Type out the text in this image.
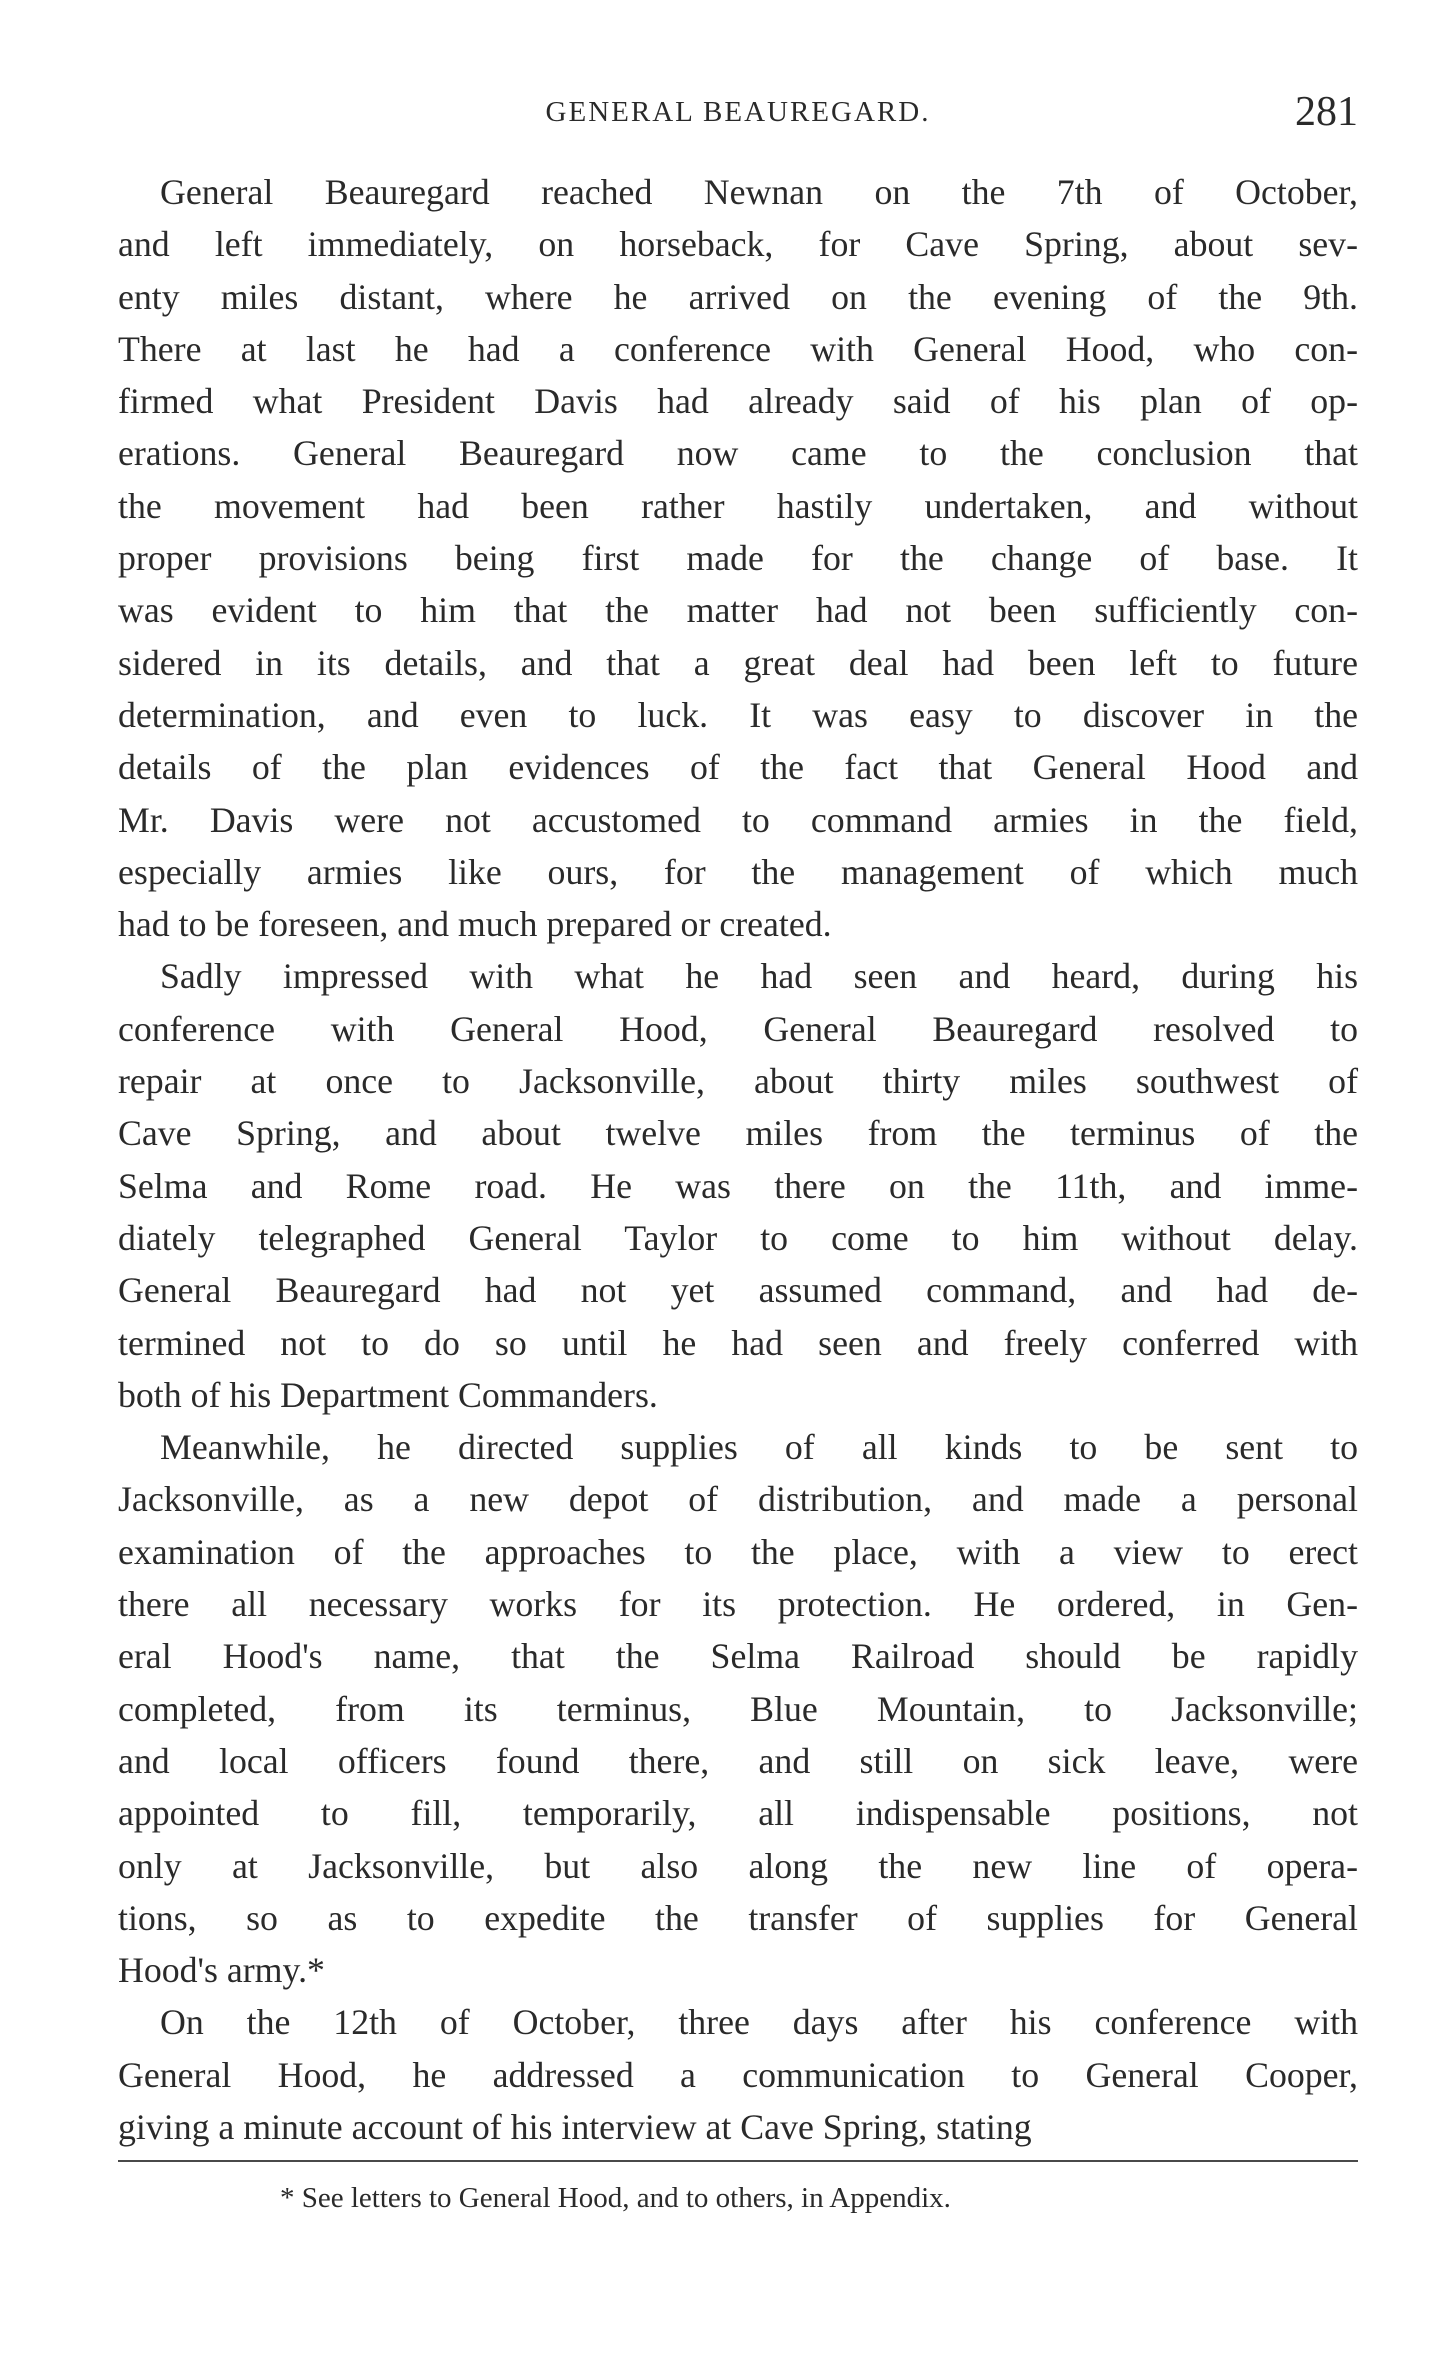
GENERAL BEAUREGARD.	281

General Beauregard reached Newnan on the 7th of October,
and left immediately, on horseback, for Cave Spring, about sev-
enty miles distant, where he arrived on the evening of the 9th.
There at last he had a conference with General Hood, who con-
firmed what President Davis had already said of his plan of op-
erations. General Beauregard now came to the conclusion that
the movement had been rather hastily undertaken, and without
proper provisions being first made for the change of base. It
was evident to him that the matter had not been sufficiently con-
sidered in its details, and that a great deal had been left to future
determination, and even to luck. It was easy to discover in the
details of the plan evidences of the fact that General Hood and
Mr. Davis were not accustomed to command armies in the field,
especially armies like ours, for the management of which much
had to be foreseen, and much prepared or created.

Sadly impressed with what he had seen and heard, during his
conference with General Hood, General Beauregard resolved to
repair at once to Jacksonville, about thirty miles southwest of
Cave Spring, and about twelve miles from the terminus of the
Selma and Rome road. He was there on the 11th, and imme-
diately telegraphed General Taylor to come to him without delay.
General Beauregard had not yet assumed command, and had de-
termined not to do so until he had seen and freely conferred with
both of his Department Commanders.

Meanwhile, he directed supplies of all kinds to be sent to
Jacksonville, as a new depot of distribution, and made a personal
examination of the approaches to the place, with a view to erect
there all necessary works for its protection. He ordered, in Gen-
eral Hood's name, that the Selma Railroad should be rapidly
completed, from its terminus, Blue Mountain, to Jacksonville;
and local officers found there, and still on sick leave, were
appointed to fill, temporarily, all indispensable positions, not
only at Jacksonville, but also along the new line of opera-
tions, so as to expedite the transfer of supplies for General
Hood's army.*

On the 12th of October, three days after his conference with
General Hood, he addressed a communication to General Cooper,
giving a minute account of his interview at Cave Spring, stating

* See letters to General Hood, and to others, in Appendix.
